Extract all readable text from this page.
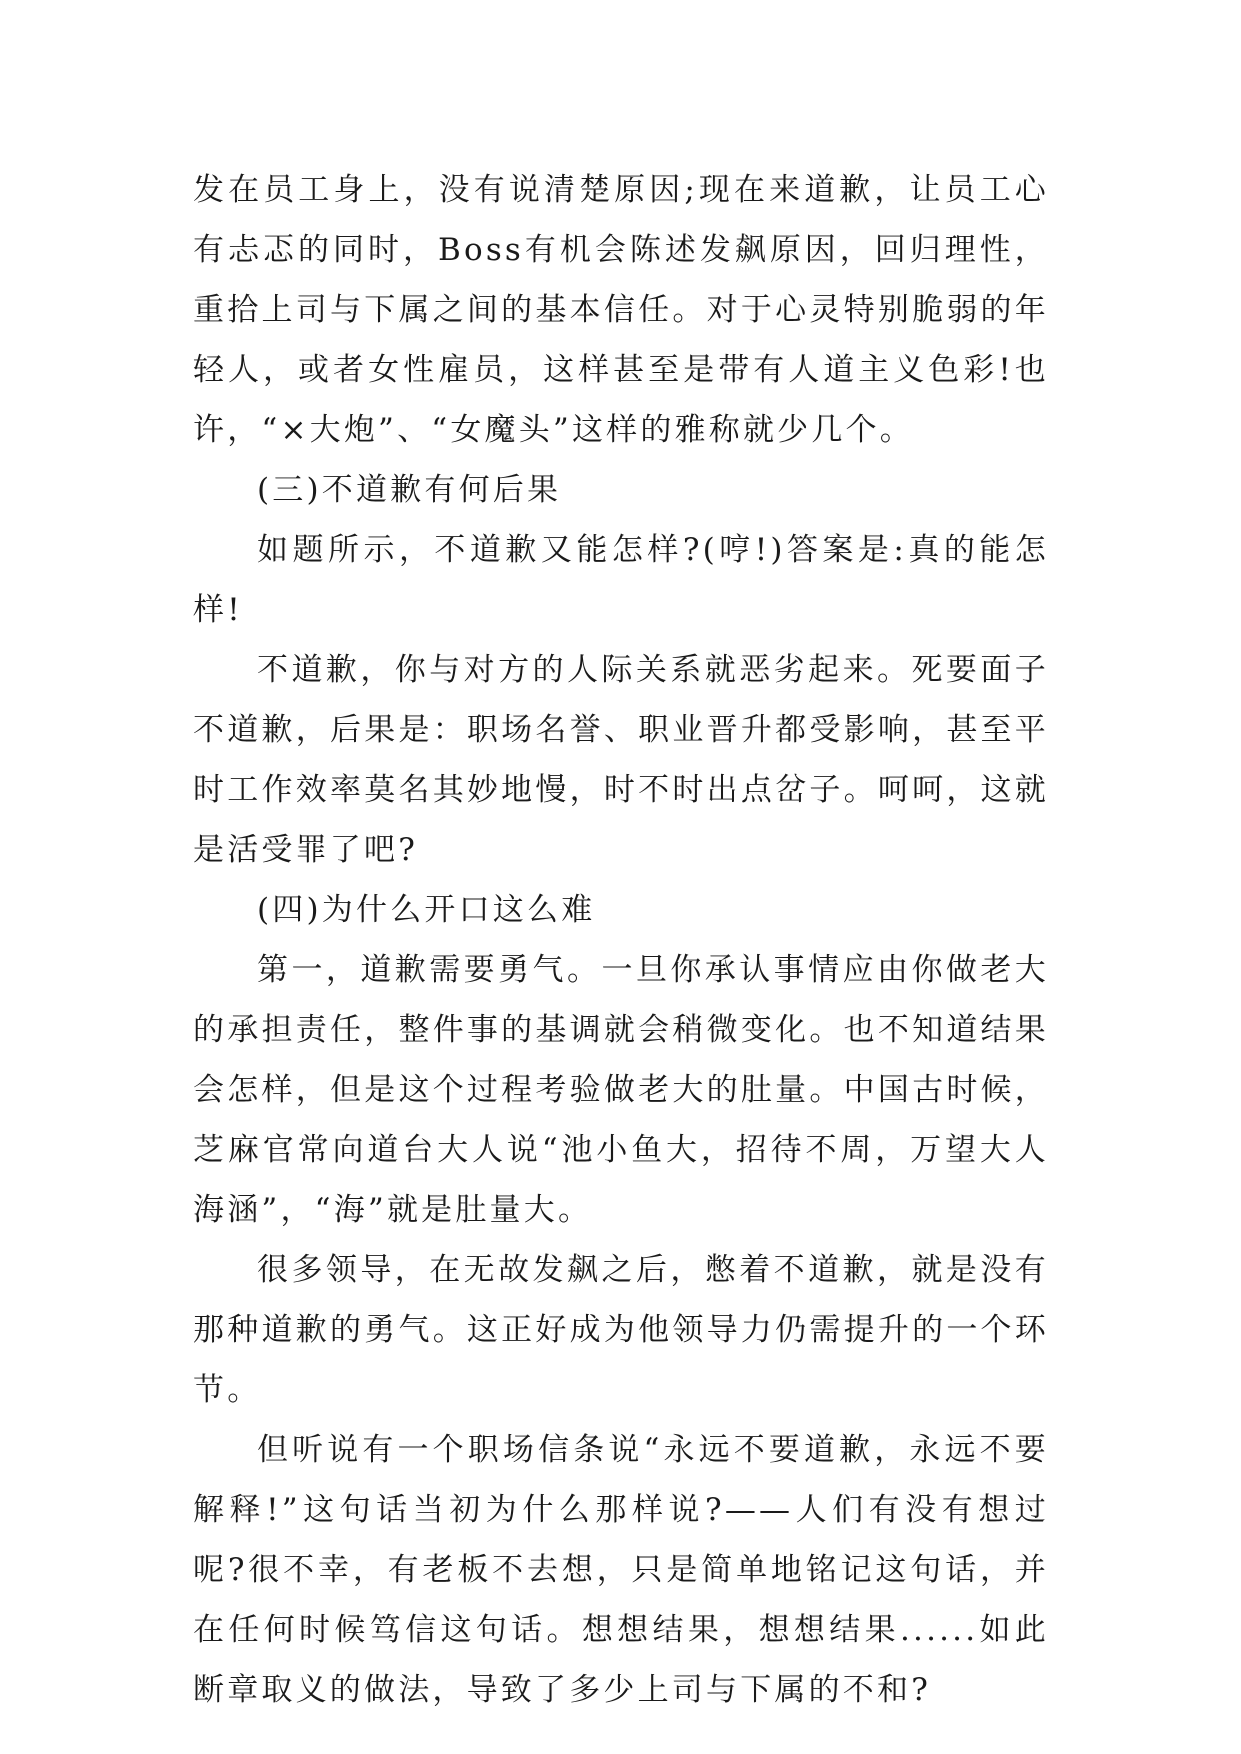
发在员工身上，没有说清楚原因;现在来道歉，让员工心有忐忑的同时，Boss有机会陈述发飙原因，回归理性，重拾上司与下属之间的基本信任。对于心灵特别脆弱的年轻人，或者女性雇员，这样甚至是带有人道主义色彩!也许，“×大炮”、“女魔头”这样的雅称就少几个。

(三)不道歉有何后果

如题所示，不道歉又能怎样?(哼!)答案是:真的能怎样!

不道歉，你与对方的人际关系就恶劣起来。死要面子不道歉，后果是：职场名誉、职业晋升都受影响，甚至平时工作效率莫名其妙地慢，时不时出点岔子。呵呵，这就是活受罪了吧?

(四)为什么开口这么难

第一，道歉需要勇气。一旦你承认事情应由你做老大的承担责任，整件事的基调就会稍微变化。也不知道结果会怎样，但是这个过程考验做老大的肚量。中国古时候，芝麻官常向道台大人说“池小鱼大，招待不周，万望大人海涵”，“海”就是肚量大。

很多领导，在无故发飙之后，憋着不道歉，就是没有那种道歉的勇气。这正好成为他领导力仍需提升的一个环节。

但听说有一个职场信条说“永远不要道歉，永远不要解释!”这句话当初为什么那样说?——人们有没有想过呢?很不幸，有老板不去想，只是简单地铭记这句话，并在任何时候笃信这句话。想想结果，想想结果......如此断章取义的做法，导致了多少上司与下属的不和?
